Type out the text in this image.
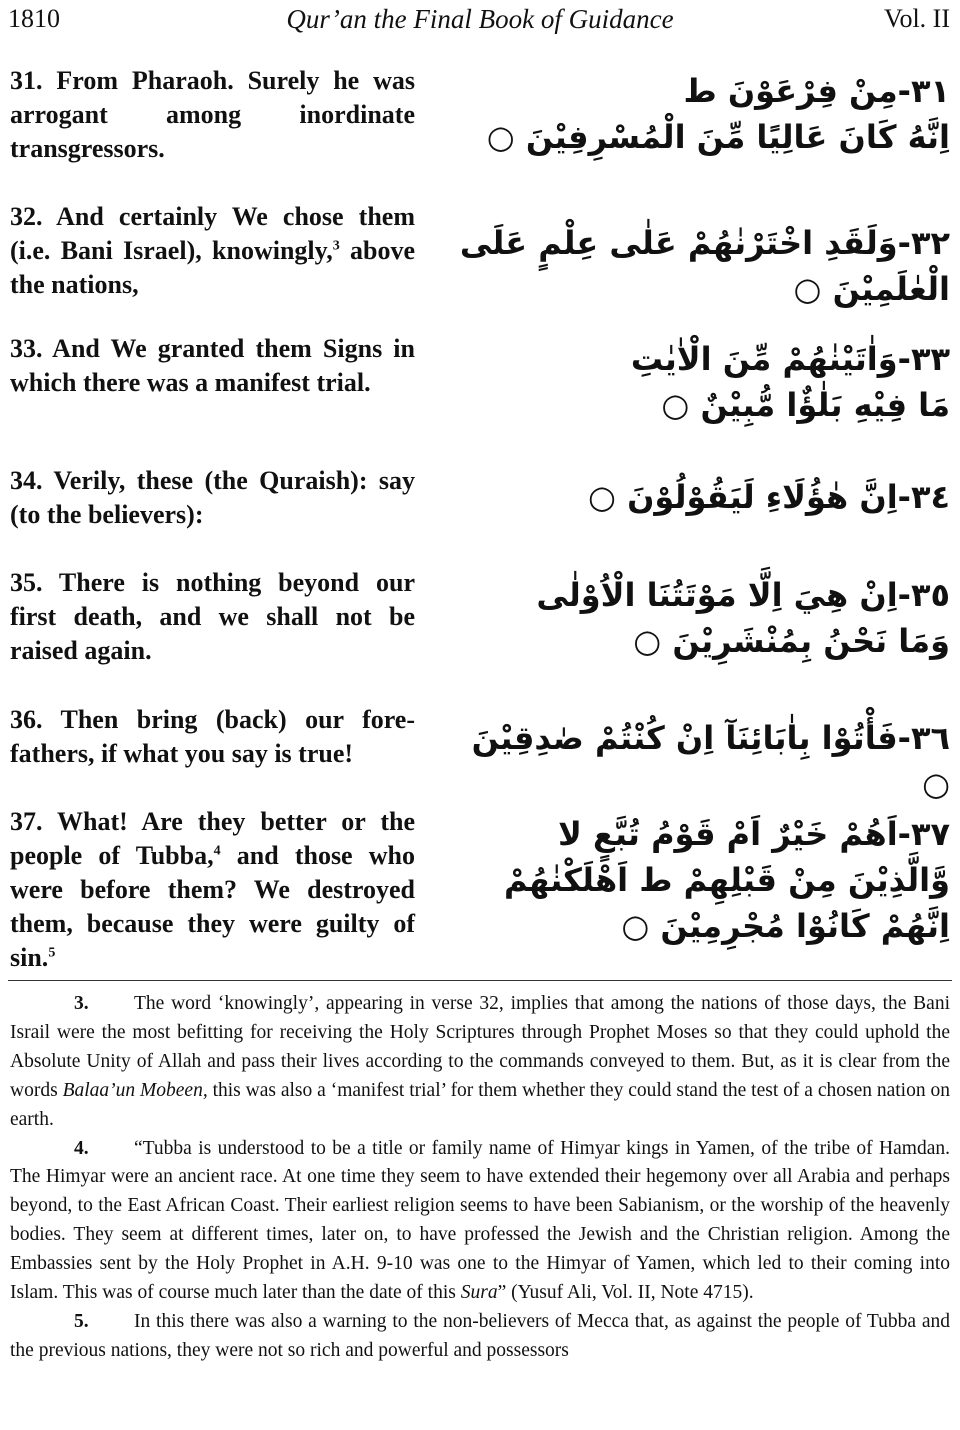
1810	Qur’an the Final Book of Guidance	Vol. II
31. From Pharaoh. Surely he was arrogant among inordinate transgressors.
٣١-مِنْ فِرْعَوْنَ ط
اِنَّهُ كَانَ عَالِيًا مِّنَ الْمُسْرِفِيْنَ ○
32. And certainly We chose them (i.e. Bani Israel), knowingly,$^3$ above the nations,
٣٢-وَلَقَدِ اخْتَرْنٰهُمْ عَلٰى عِلْمٍ عَلَى الْعٰلَمِيْنَ ○
33. And We granted them Signs in which there was a manifest trial.
٣٣-وَاٰتَيْنٰهُمْ مِّنَ الْاٰيٰتِ
مَا فِيْهِ بَلٰؤٌا مُّبِيْنٌ ○
34. Verily, these (the Quraish): say (to the believers):	٣٤-اِنَّ هٰؤُلَاءِ لَيَقُوْلُوْنَ ○
35. There is nothing beyond our first death, and we shall not be raised again.
٣٥-اِنْ هِيَ اِلَّا مَوْتَتُنَا الْاُوْلٰى
وَمَا نَحْنُ بِمُنْشَرِيْنَ ○
36. Then bring (back) our fore- fathers, if what you say is true!	٣٦-فَأْتُوْا بِاٰبَائِنَآ اِنْ كُنْتُمْ صٰدِقِيْنَ ○
37. What! Are they better or the people of Tubba,$^4$ and those who were before them? We destroyed them, because they were guilty of sin.$^5$
٣٧-اَهُمْ خَيْرٌ اَمْ قَوْمُ تُبَّعٍ لا
وَّالَّذِيْنَ مِنْ قَبْلِهِمْ ط اَهْلَكْنٰهُمْ
اِنَّهُمْ كَانُوْا مُجْرِمِيْنَ ○

3. The word ‘knowingly’, appearing in verse 32, implies that among the nations of those days, the Bani Israil were the most befitting for receiving the Holy Scriptures through Prophet Moses so that they could uphold the Absolute Unity of Allah and pass their lives according to the commands conveyed to them. But, as it is clear from the words Balaa’un Mobeen, this was also a ‘manifest trial’ for them whether they could stand the test of a chosen nation on earth.

4. “Tubba is understood to be a title or family name of Himyar kings in Yamen, of the tribe of Hamdan. The Himyar were an ancient race. At one time they seem to have extended their hegemony over all Arabia and perhaps beyond, to the East African Coast. Their earliest religion seems to have been Sabianism, or the worship of the heavenly bodies. They seem at different times, later on, to have professed the Jewish and the Christian religion. Among the Embassies sent by the Holy Prophet in A.H. 9-10 was one to the Himyar of Yamen, which led to their coming into Islam. This was of course much later than the date of this Sura” (Yusuf Ali, Vol. II, Note 4715).

5. In this there was also a warning to the non-believers of Mecca that, as against the people of Tubba and the previous nations, they were not so rich and powerful and possessors
